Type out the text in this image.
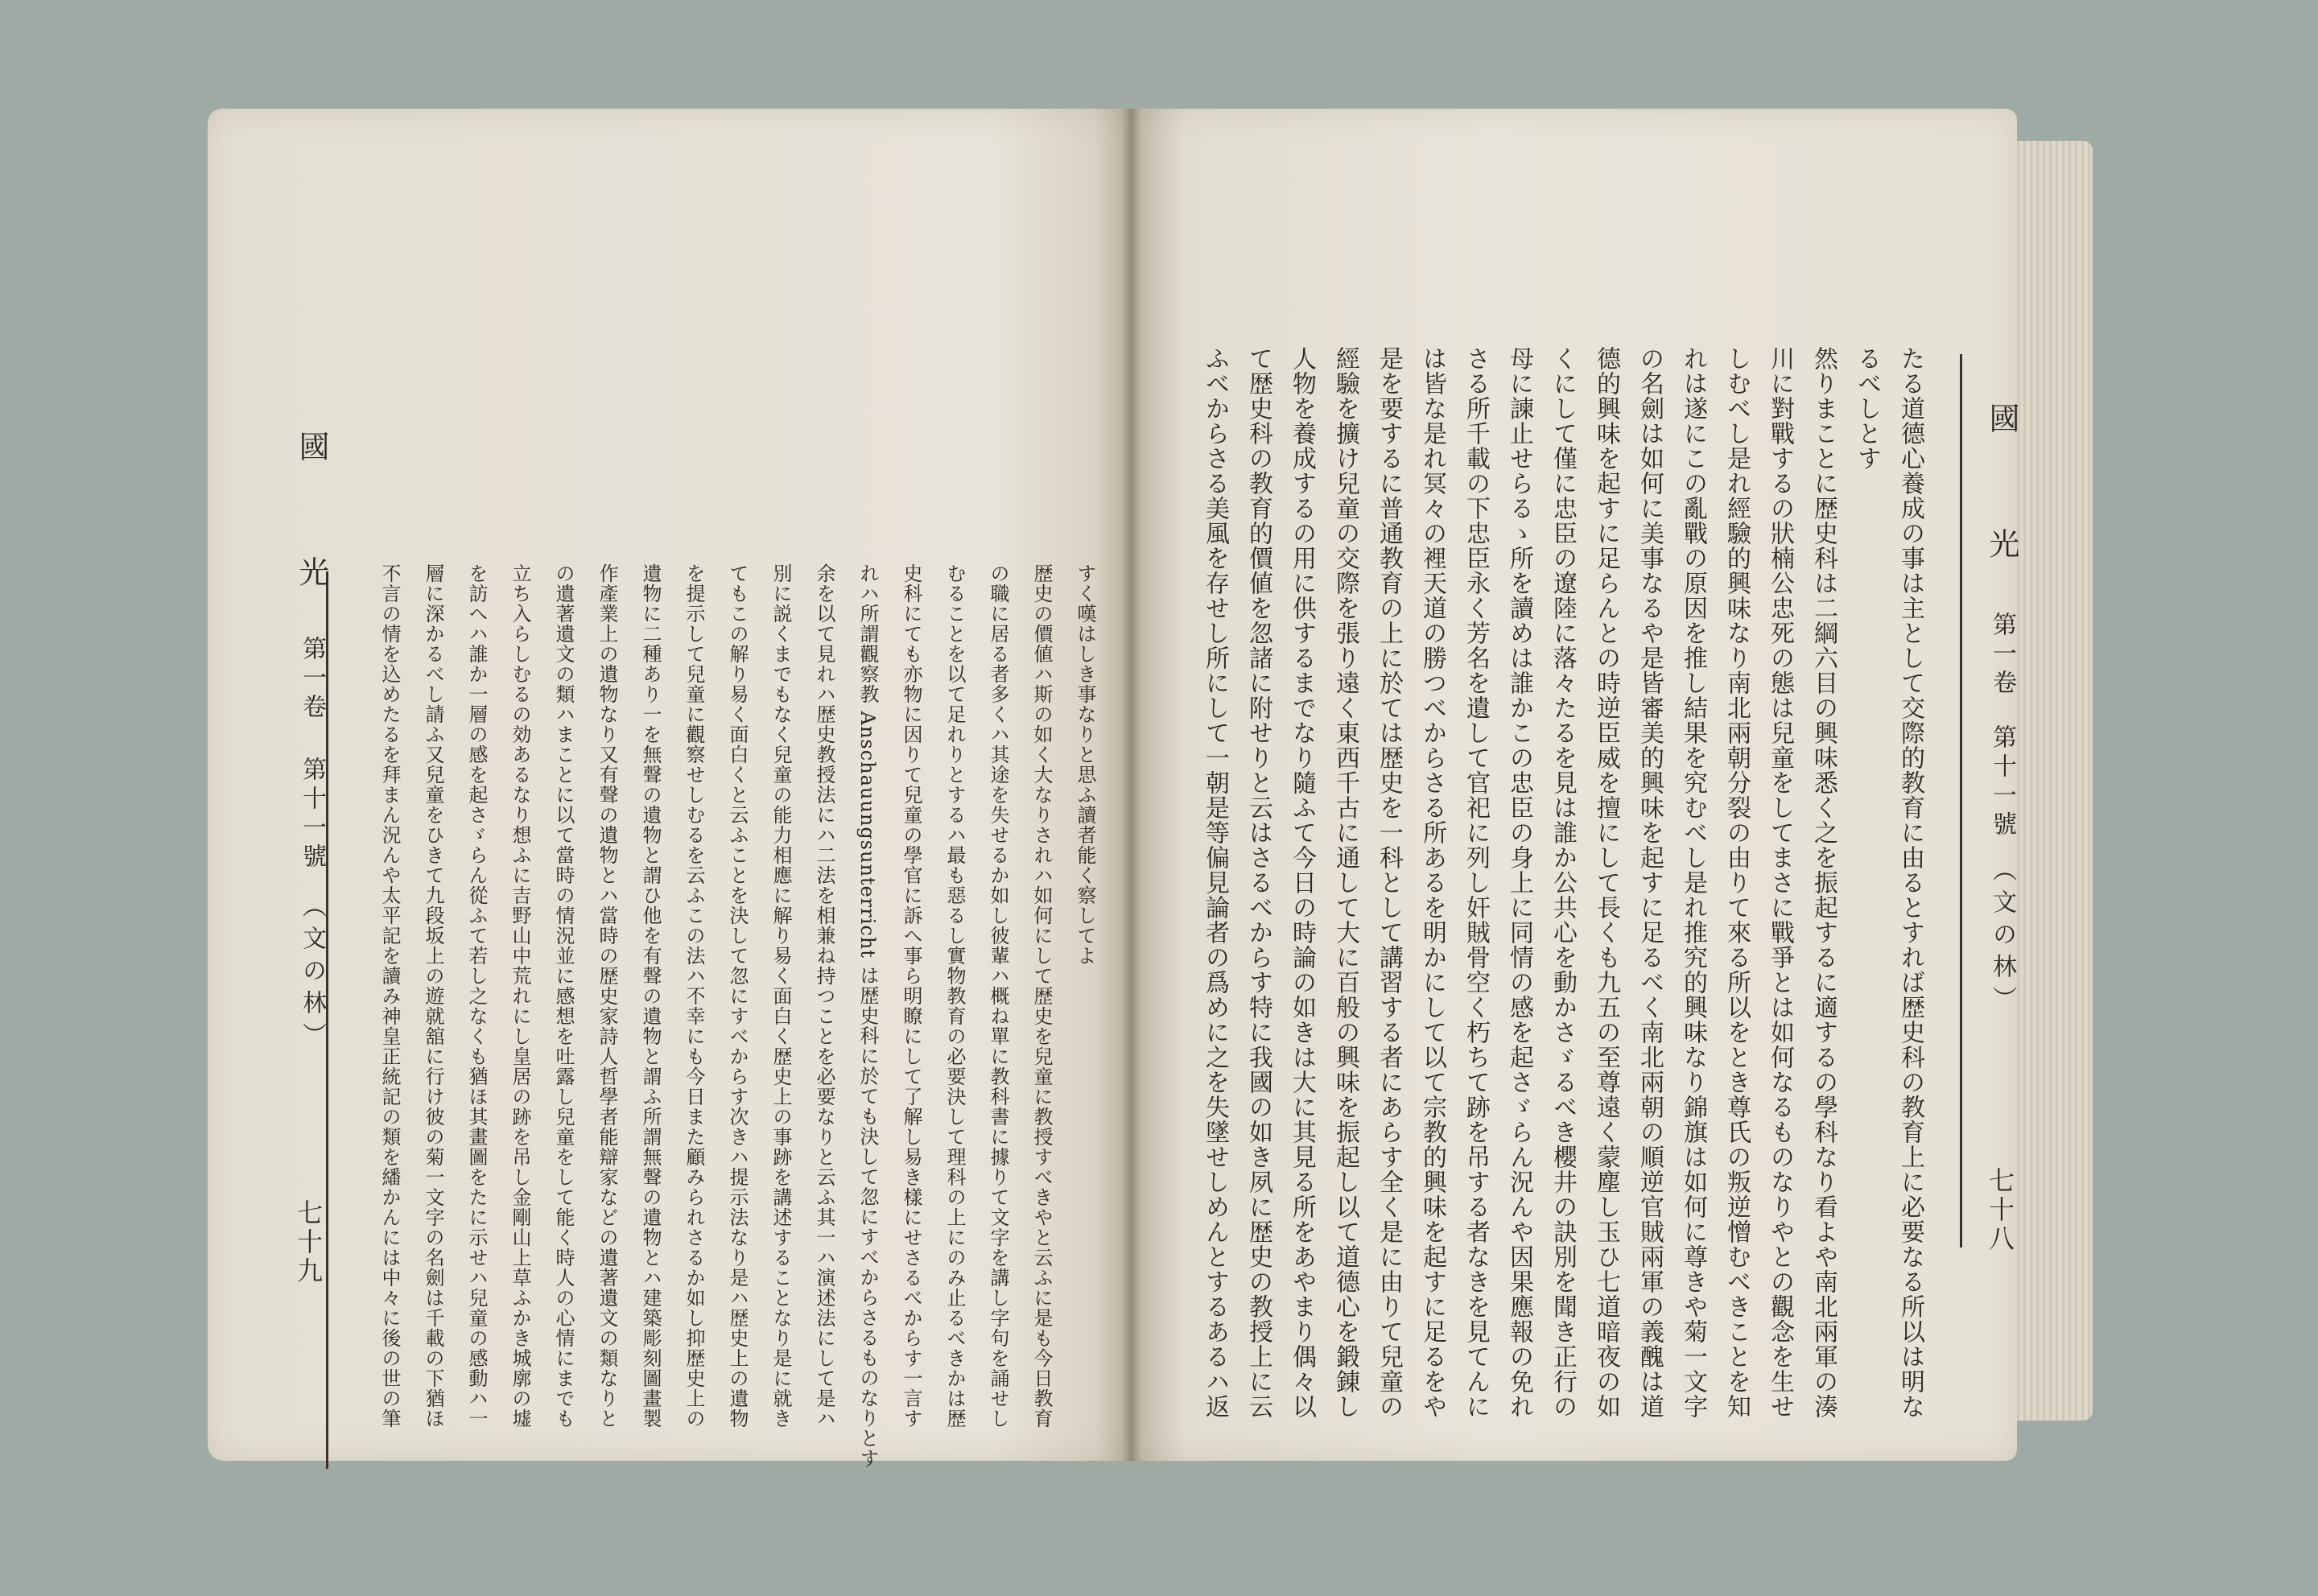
國　光
第一卷
第十一號
（文の林）
七十八
たる道德心養成の事は主として交際的教育に由るとすれば歴史科の教育上に必要なる所以は明な
るべしとす
然りまことに歴史科は二綱六目の興味悉く之を振起するに適するの學科なり看よや南北兩軍の湊
川に對戰するの狀楠公忠死の態は兒童をしてまさに戰爭とは如何なるものなりやとの觀念を生せ
しむべし是れ經驗的興味なり南北兩朝分裂の由りて來る所以をとき尊氏の叛逆憎むべきことを知
れは遂にこの亂戰の原因を推し結果を究むべし是れ推究的興味なり錦旗は如何に尊きや菊一文字
の名劍は如何に美事なるや是皆審美的興味を起すに足るべく南北兩朝の順逆官賊兩軍の義醜は道
德的興味を起すに足らんとの時逆臣威を擅にして長くも九五の至尊遠く蒙塵し玉ひ七道暗夜の如
くにして僅に忠臣の遼陸に落々たるを見は誰か公共心を動かさゞるべき櫻井の訣別を聞き正行の
母に諫止せらるゝ所を讀めは誰かこの忠臣の身上に同情の感を起さゞらん況んや因果應報の免れ
さる所千載の下忠臣永く芳名を遺して官祀に列し奸賊骨空く朽ちて跡を吊する者なきを見てんに
は皆な是れ冥々の裡天道の勝つべからさる所あるを明かにして以て宗教的興味を起すに足るをや
是を要するに普通教育の上に於ては歴史を一科として講習する者にあらす全く是に由りて兒童の
經驗を擴け兒童の交際を張り遠く東西千古に通して大に百般の興味を振起し以て道德心を鍛錬し
人物を養成するの用に供するまでなり隨ふて今日の時論の如きは大に其見る所をあやまり偶々以
て歴史科の教育的價値を忽諸に附せりと云はさるべからす特に我國の如き夙に歴史の教授上に云
ふべからさる美風を存せし所にして一朝是等偏見論者の爲めに之を失墜せしめんとするあるハ返
國　光
第一卷
第十一號
（文の林）
七十九
すく嘆はしき事なりと思ふ讀者能く察してよ
歴史の價値ハ斯の如く大なりされハ如何にして歴史を兒童に教授すべきやと云ふに是も今日教育
の職に居る者多くハ其途を失せるか如し彼輩ハ概ね單に教科書に據りて文字を講し字句を誦せし
むることを以て足れりとするハ最も惡るし實物教育の必要決して理科の上にのみ止るべきかは歴
史科にても亦物に因りて兒童の學官に訴へ事ら明瞭にして了解し易き樣にせさるべからす一言す
れハ所謂觀察教 Anschauungsunterricht は歴史科に於ても決して忽にすべからさるものなりとす
余を以て見れハ歴史教授法にハ二法を相兼ね持つことを必要なりと云ふ其一ハ演述法にして是ハ
別に説くまでもなく兒童の能力相應に解り易く面白く歴史上の事跡を講述することなり是に就き
てもこの解り易く面白くと云ふことを決して忽にすべからす次きハ提示法なり是ハ歴史上の遺物
を提示して兒童に觀察せしむるを云ふこの法ハ不幸にも今日また顧みられさるか如し抑歴史上の
遺物に二種あり一を無聲の遺物と謂ひ他を有聲の遺物と謂ふ所謂無聲の遺物とハ建築彫刻圖畫製
作產業上の遺物なり又有聲の遺物とハ當時の歴史家詩人哲學者能辯家などの遺著遺文の類なりと
の遺著遺文の類ハまことに以て當時の情況並に感想を吐露し兒童をして能く時人の心情にまでも
立ち入らしむるの効あるなり想ふに吉野山中荒れにし皇居の跡を吊し金剛山上草ふかき城廓の墟
を訪へハ誰か一層の感を起さゞらん從ふて若し之なくも猶ほ其畫圖をたに示せハ兒童の感動ハ一
層に深かるべし請ふ又兒童をひきて九段坂上の遊就舘に行け彼の菊一文字の名劍は千載の下猶ほ
不言の情を込めたるを拜まん況んや太平記を讀み神皇正統記の類を繙かんには中々に後の世の筆
